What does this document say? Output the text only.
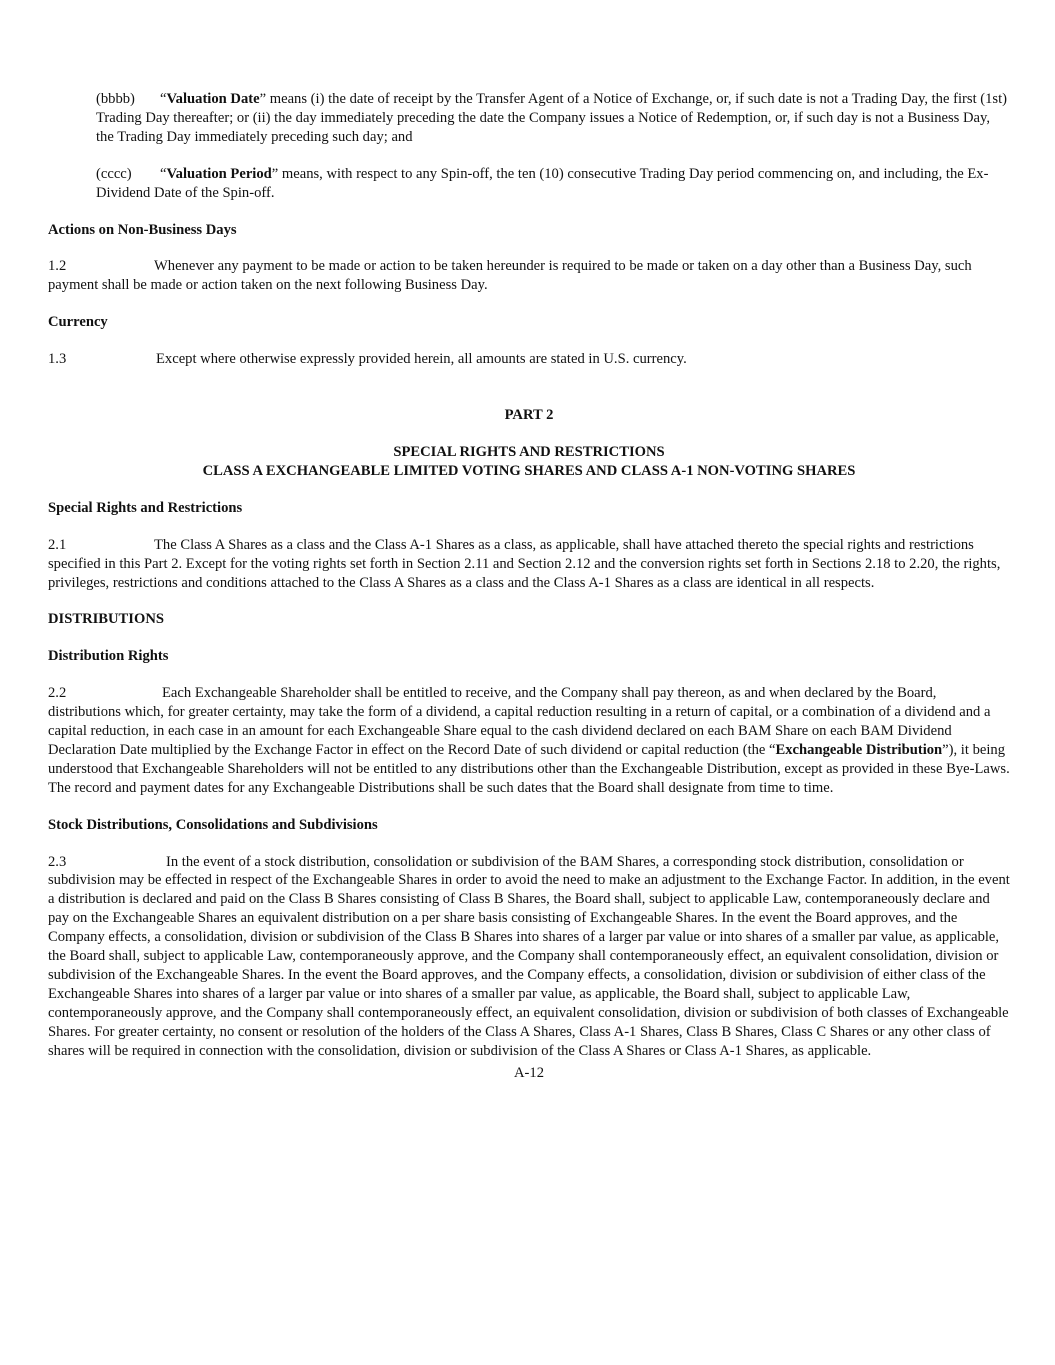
(bbbb) “Valuation Date” means (i) the date of receipt by the Transfer Agent of a Notice of Exchange, or, if such date is not a Trading Day, the first (1st) Trading Day thereafter; or (ii) the day immediately preceding the date the Company issues a Notice of Redemption, or, if such day is not a Business Day, the Trading Day immediately preceding such day; and

(cccc) “Valuation Period” means, with respect to any Spin-off, the ten (10) consecutive Trading Day period commencing on, and including, the Ex-Dividend Date of the Spin-off.

Actions on Non-Business Days

1.2	Whenever any payment to be made or action to be taken hereunder is required to be made or taken on a day other than a Business Day, such payment shall be made or action taken on the next following Business Day.

Currency

1.3	Except where otherwise expressly provided herein, all amounts are stated in U.S. currency.

PART 2

SPECIAL RIGHTS AND RESTRICTIONS

CLASS A EXCHANGEABLE LIMITED VOTING SHARES AND CLASS A-1 NON-VOTING SHARES

Special Rights and Restrictions

2.1	The Class A Shares as a class and the Class A-1 Shares as a class, as applicable, shall have attached thereto the special rights and restrictions specified in this Part 2. Except for the voting rights set forth in Section 2.11 and Section 2.12 and the conversion rights set forth in Sections 2.18 to 2.20, the rights, privileges, restrictions and conditions attached to the Class A Shares as a class and the Class A-1 Shares as a class are identical in all respects.

DISTRIBUTIONS

Distribution Rights

2.2	Each Exchangeable Shareholder shall be entitled to receive, and the Company shall pay thereon, as and when declared by the Board, distributions which, for greater certainty, may take the form of a dividend, a capital reduction resulting in a return of capital, or a combination of a dividend and a capital reduction, in each case in an amount for each Exchangeable Share equal to the cash dividend declared on each BAM Share on each BAM Dividend Declaration Date multiplied by the Exchange Factor in effect on the Record Date of such dividend or capital reduction (the “Exchangeable Distribution”), it being understood that Exchangeable Shareholders will not be entitled to any distributions other than the Exchangeable Distribution, except as provided in these Bye-Laws. The record and payment dates for any Exchangeable Distributions shall be such dates that the Board shall designate from time to time.

Stock Distributions, Consolidations and Subdivisions

2.3	In the event of a stock distribution, consolidation or subdivision of the BAM Shares, a corresponding stock distribution, consolidation or subdivision may be effected in respect of the Exchangeable Shares in order to avoid the need to make an adjustment to the Exchange Factor. In addition, in the event a distribution is declared and paid on the Class B Shares consisting of Class B Shares, the Board shall, subject to applicable Law, contemporaneously declare and pay on the Exchangeable Shares an equivalent distribution on a per share basis consisting of Exchangeable Shares. In the event the Board approves, and the Company effects, a consolidation, division or subdivision of the Class B Shares into shares of a larger par value or into shares of a smaller par value, as applicable, the Board shall, subject to applicable Law, contemporaneously approve, and the Company shall contemporaneously effect, an equivalent consolidation, division or subdivision of the Exchangeable Shares. In the event the Board approves, and the Company effects, a consolidation, division or subdivision of either class of the Exchangeable Shares into shares of a larger par value or into shares of a smaller par value, as applicable, the Board shall, subject to applicable Law, contemporaneously approve, and the Company shall contemporaneously effect, an equivalent consolidation, division or subdivision of both classes of Exchangeable Shares. For greater certainty, no consent or resolution of the holders of the Class A Shares, Class A-1 Shares, Class B Shares, Class C Shares or any other class of shares will be required in connection with the consolidation, division or subdivision of the Class A Shares or Class A-1 Shares, as applicable.

A-12
